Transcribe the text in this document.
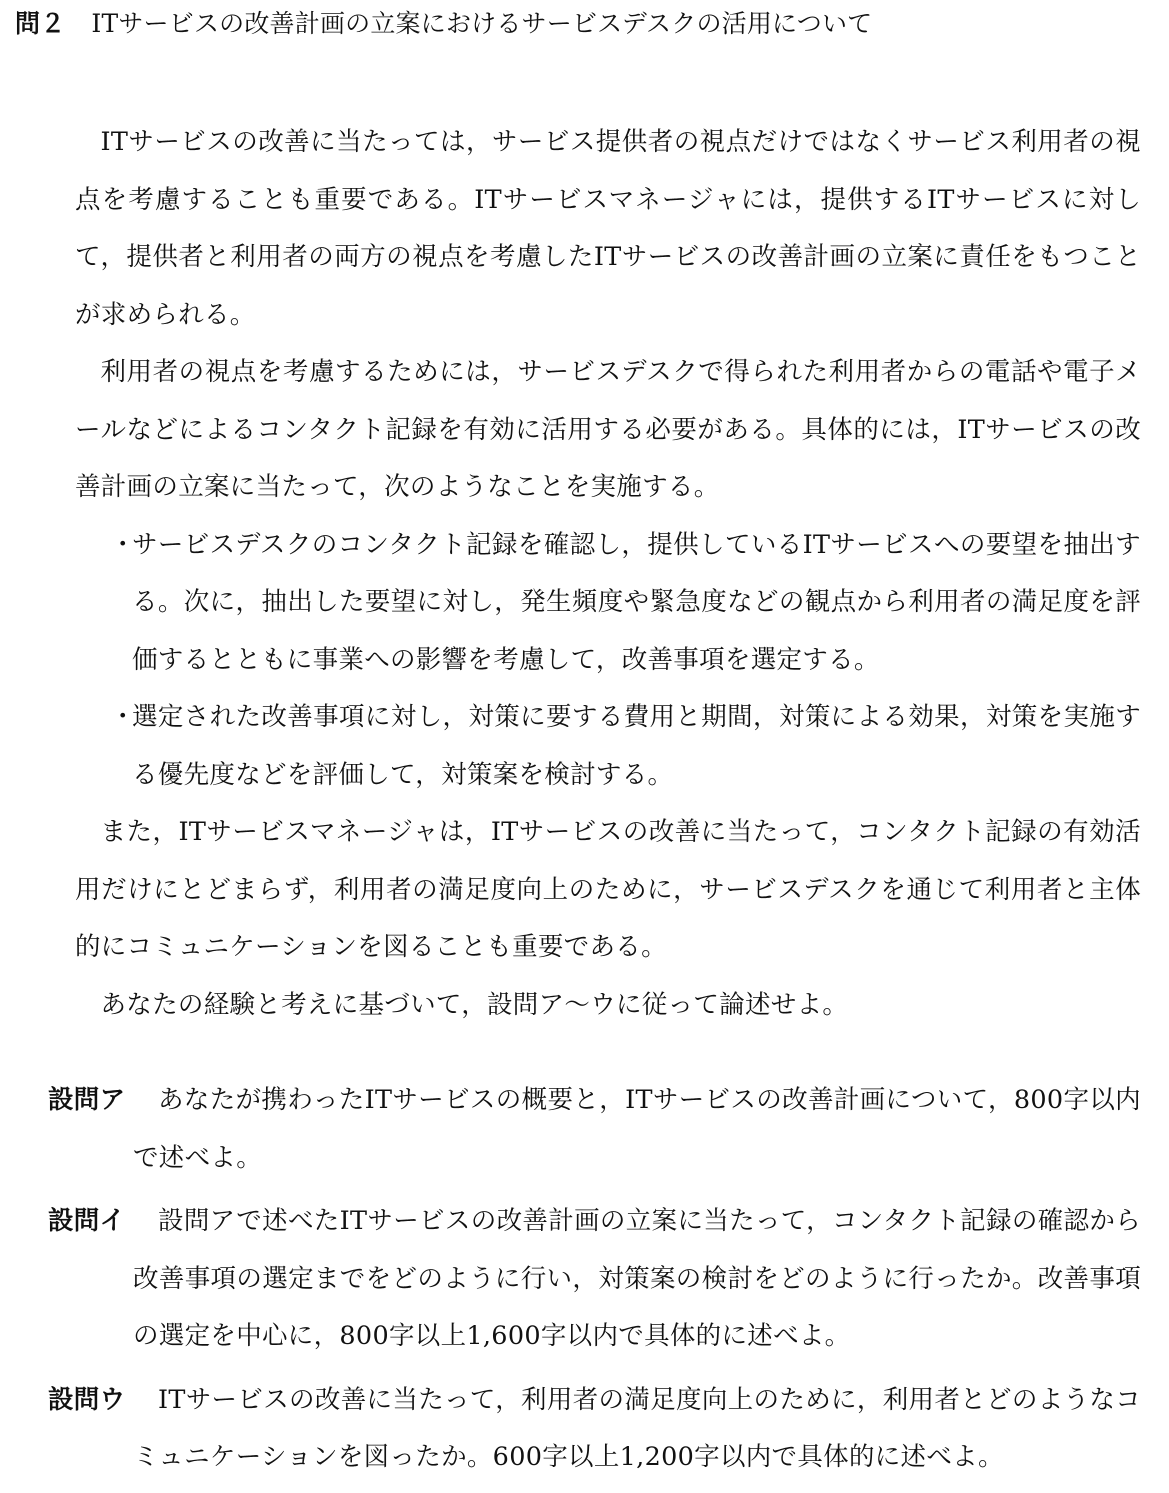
問２ ITサービスの改善計画の立案におけるサービスデスクの活用について

ITサービスの改善に当たっては，サービス提供者の視点だけではなくサービス利用者の視点を考慮することも重要である。ITサービスマネージャには，提供するITサービスに対して，提供者と利用者の両方の視点を考慮したITサービスの改善計画の立案に責任をもつことが求められる。

利用者の視点を考慮するためには，サービスデスクで得られた利用者からの電話や電子メールなどによるコンタクト記録を有効に活用する必要がある。具体的には，ITサービスの改善計画の立案に当たって，次のようなことを実施する。

・
サービスデスクのコンタクト記録を確認し，提供しているITサービスへの要望を抽出する。次に，抽出した要望に対し，発生頻度や緊急度などの観点から利用者の満足度を評価するとともに事業への影響を考慮して，改善事項を選定する。
・
選定された改善事項に対し，対策に要する費用と期間，対策による効果，対策を実施する優先度などを評価して，対策案を検討する。

また，ITサービスマネージャは，ITサービスの改善に当たって，コンタクト記録の有効活用だけにとどまらず，利用者の満足度向上のために，サービスデスクを通じて利用者と主体的にコミュニケーションを図ることも重要である。

あなたの経験と考えに基づいて，設問ア～ウに従って論述せよ。

設問ア	あなたが携わったITサービスの概要と，ITサービスの改善計画について，800字以内で述べよ。
設問イ	設問アで述べたITサービスの改善計画の立案に当たって，コンタクト記録の確認から改善事項の選定までをどのように行い，対策案の検討をどのように行ったか。改善事項の選定を中心に，800字以上1,600字以内で具体的に述べよ。
設問ウ	ITサービスの改善に当たって，利用者の満足度向上のために，利用者とどのようなコミュニケーションを図ったか。600字以上1,200字以内で具体的に述べよ。
